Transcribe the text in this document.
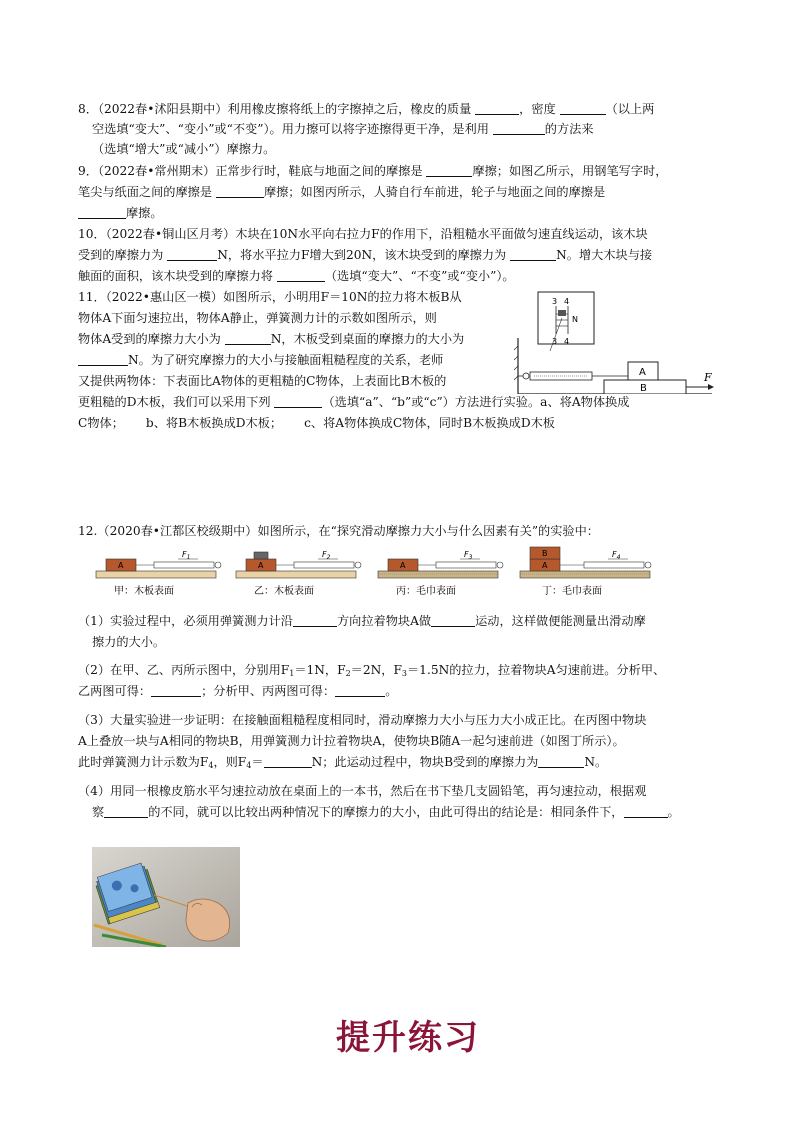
8．（2022春•沭阳县期中）利用橡皮擦将纸上的字擦掉之后，橡皮的质量	，密度	（以上两
空选填“变大”、“变小”或“不变”）。用力擦可以将字迹擦得更干净，是利用	的方法来
（选填“增大”或“减小”）摩擦力。
9．（2022春•常州期末）正常步行时，鞋底与地面之间的摩擦是	摩擦；如图乙所示，用钢笔写字时，
笔尖与纸面之间的摩擦是	摩擦；如图丙所示，人骑自行车前进，轮子与地面之间的摩擦是
摩擦。
10．（2022春•铜山区月考）木块在10N水平向右拉力F的作用下，沿粗糙水平面做匀速直线运动，该木块
受到的摩擦力为	N，将水平拉力F增大到20N，该木块受到的摩擦力为	N。增大木块与接
触面的面积，该木块受到的摩擦力将	（选填“变大”、“不变”或“变小”）。
11．（2022•惠山区一模）如图所示，小明用F＝10N的拉力将木板B从
物体A下面匀速拉出，物体A静止，弹簧测力计的示数如图所示，则
物体A受到的摩擦力大小为	N，木板受到桌面的摩擦力的大小为
N。为了研究摩擦力的大小与接触面粗糙程度的关系，老师
又提供两物体：下表面比A物体的更粗糙的C物体，上表面比B木板的
更粗糙的D木板，我们可以采用下列	（选填“a”、“b”或“c”）方法进行实验。a、将A物体换成
C物体； b、将B木板换成D木板； c、将A物体换成C物体，同时B木板换成D木板
3 4
N
3 4
A
B
F
12.（2020春•江都区校级期中）如图所示，在“探究滑动摩擦力大小与什么因素有关”的实验中：
A
$F_1$
甲：木板表面
A
$F_2$
乙：木板表面
A
$F_3$
丙：毛巾表面
A
B	$F_4$
丁：毛巾表面
（1）实验过程中，必须用弹簧测力计沿	方向拉着物块A做	运动，这样做便能测量出滑动摩
擦力的大小。
（2）在甲、乙、丙所示图中，分别用$F_1=1N$，$F_2=2N$，$F_3=1.5N$的拉力，拉着物块A匀速前进。分析甲、
乙两图可得：	；分析甲、丙两图可得：	。
（3）大量实验进一步证明：在接触面粗糙程度相同时，滑动摩擦力大小与压力大小成正比。在丙图中物块
A上叠放一块与A相同的物块B，用弹簧测力计拉着物块A，使物块B随A一起匀速前进（如图丁所示）。
此时弹簧测力计示数为$F_4$，则$F_4=$	N；此运动过程中，物块B受到的摩擦力为	N。
（4）用同一根橡皮筋水平匀速拉动放在桌面上的一本书，然后在书下垫几支圆铅笔，再匀速拉动，根据观
察	的不同，就可以比较出两种情况下的摩擦力的大小，由此可得出的结论是：相同条件下，	。
提升练习
